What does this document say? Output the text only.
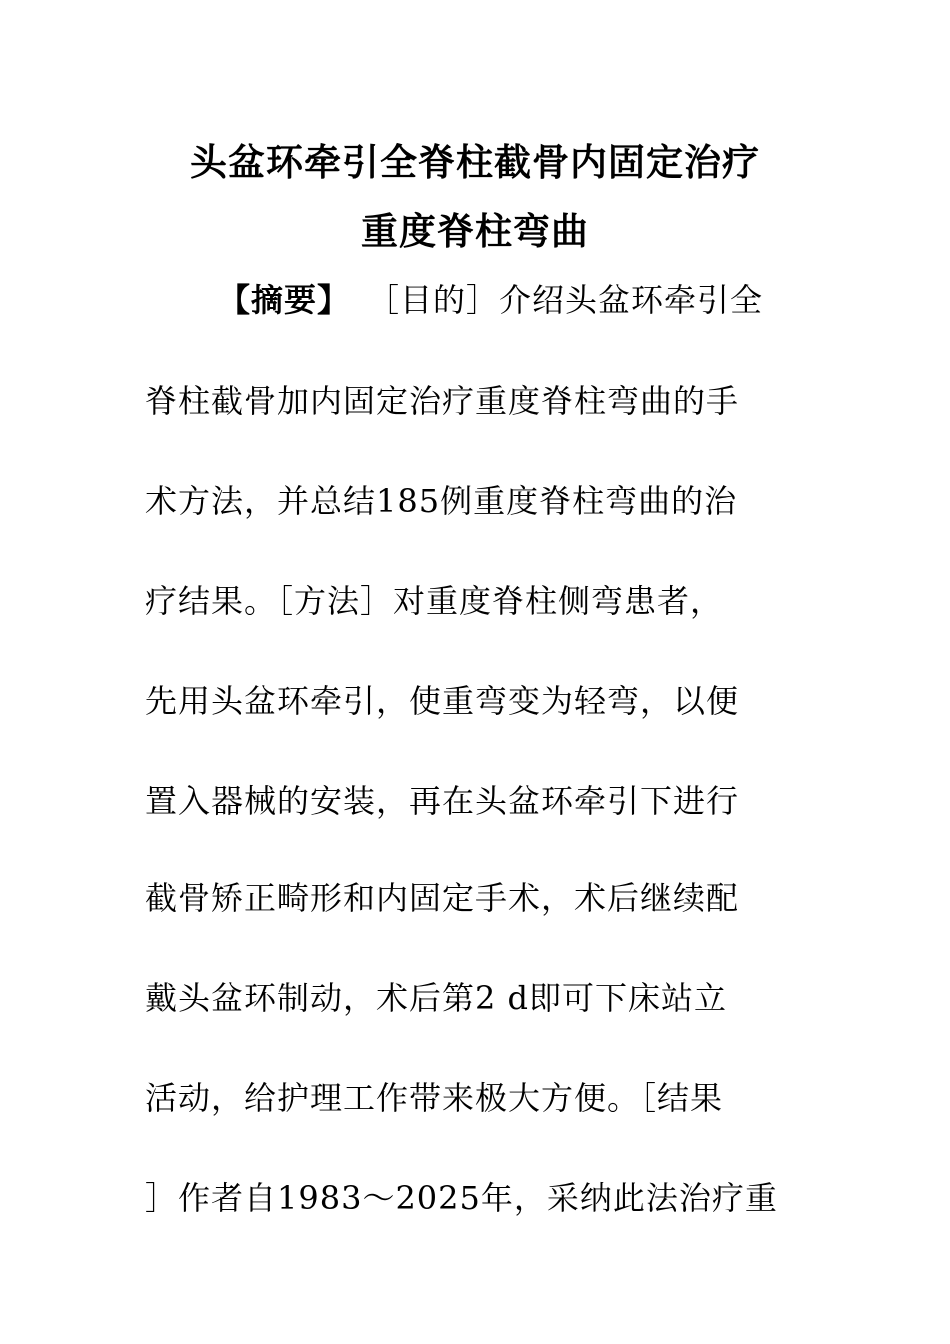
头盆环牵引全脊柱截骨内固定治疗
重度脊柱弯曲
【摘要】  ［目的］介绍头盆环牵引全
脊柱截骨加内固定治疗重度脊柱弯曲的手
术方法，并总结185例重度脊柱弯曲的治
疗结果。［方法］对重度脊柱侧弯患者，
先用头盆环牵引，使重弯变为轻弯，以便
置入器械的安装，再在头盆环牵引下进行
截骨矫正畸形和内固定手术，术后继续配
戴头盆环制动，术后第2 d即可下床站立
活动，给护理工作带来极大方便。［结果
］作者自1983～2025年，采纳此法治疗重
